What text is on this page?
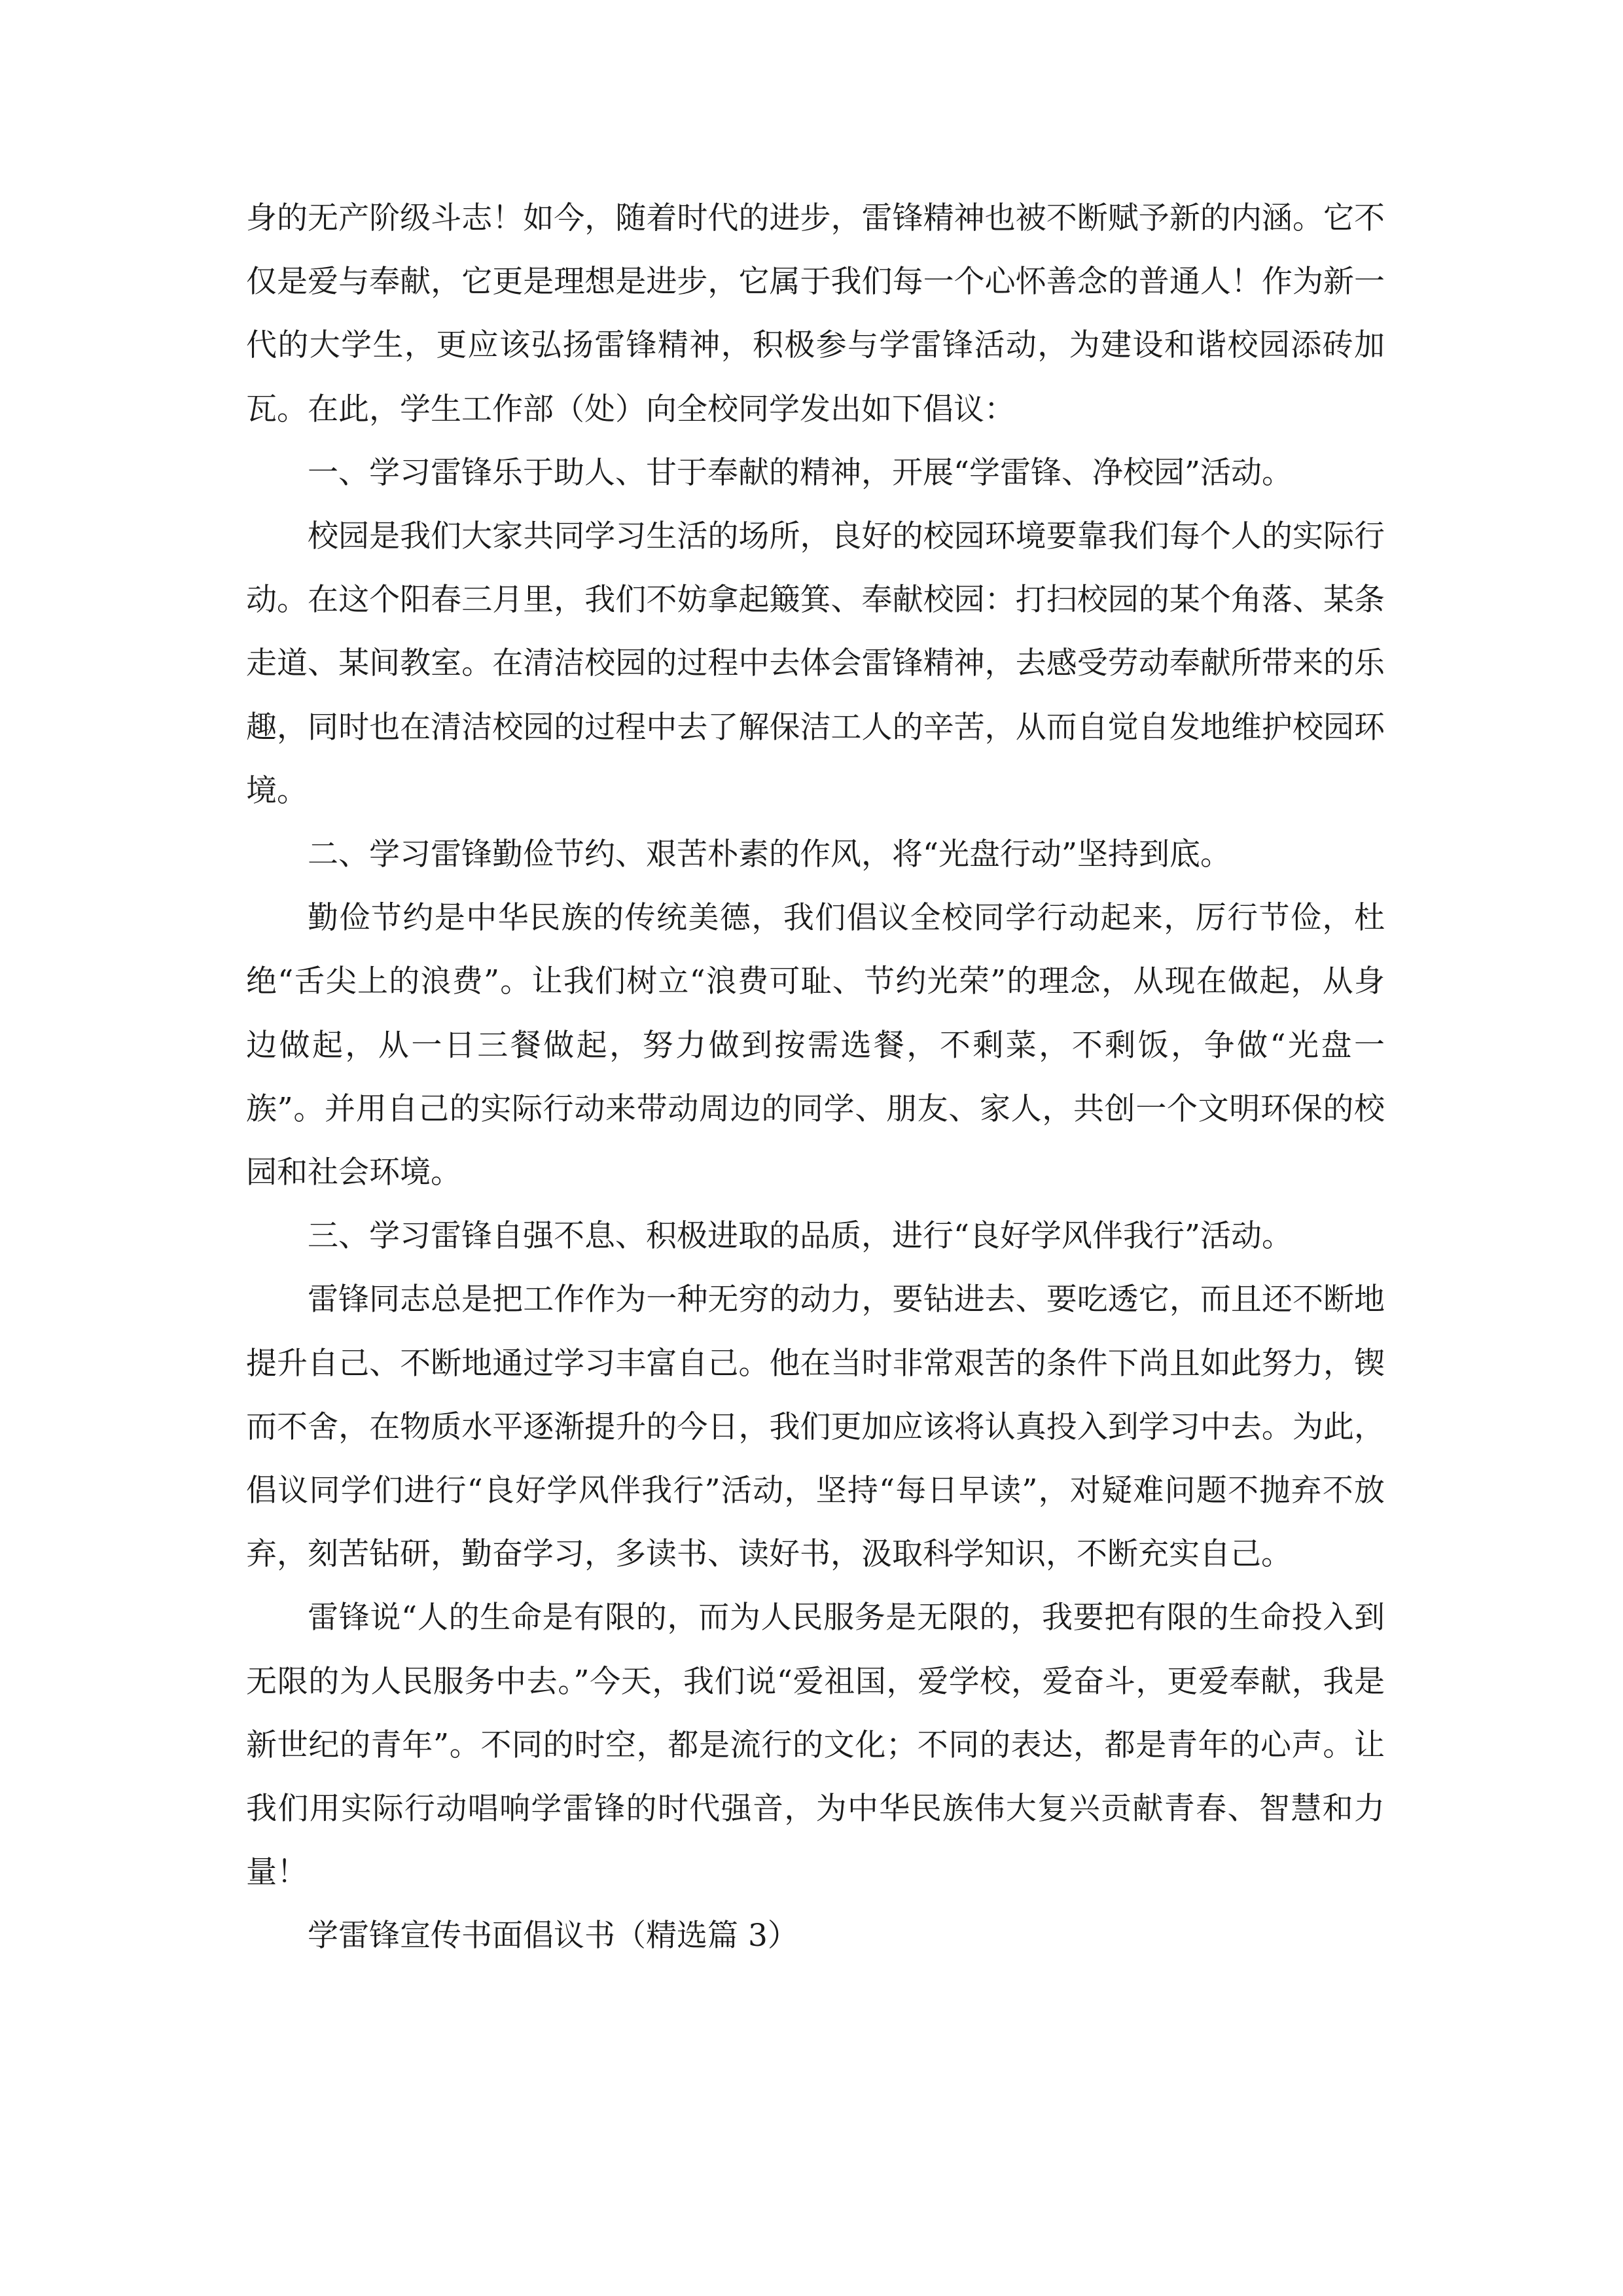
身的无产阶级斗志！如今，随着时代的进步，雷锋精神也被不断赋予新的内涵。它不仅是爱与奉献，它更是理想是进步，它属于我们每一个心怀善念的普通人！作为新一代的大学生，更应该弘扬雷锋精神，积极参与学雷锋活动，为建设和谐校园添砖加瓦。在此，学生工作部（处）向全校同学发出如下倡议：

一、学习雷锋乐于助人、甘于奉献的精神，开展“学雷锋、净校园”活动。

校园是我们大家共同学习生活的场所，良好的校园环境要靠我们每个人的实际行动。在这个阳春三月里，我们不妨拿起簸箕、奉献校园：打扫校园的某个角落、某条走道、某间教室。在清洁校园的过程中去体会雷锋精神，去感受劳动奉献所带来的乐趣，同时也在清洁校园的过程中去了解保洁工人的辛苦，从而自觉自发地维护校园环境。

二、学习雷锋勤俭节约、艰苦朴素的作风，将“光盘行动”坚持到底。

勤俭节约是中华民族的传统美德，我们倡议全校同学行动起来，厉行节俭，杜绝“舌尖上的浪费”。让我们树立“浪费可耻、节约光荣”的理念，从现在做起，从身边做起，从一日三餐做起，努力做到按需选餐，不剩菜，不剩饭，争做“光盘一族”。并用自己的实际行动来带动周边的同学、朋友、家人，共创一个文明环保的校园和社会环境。

三、学习雷锋自强不息、积极进取的品质，进行“良好学风伴我行”活动。

雷锋同志总是把工作作为一种无穷的动力，要钻进去、要吃透它，而且还不断地提升自己、不断地通过学习丰富自己。他在当时非常艰苦的条件下尚且如此努力，锲而不舍，在物质水平逐渐提升的今日，我们更加应该将认真投入到学习中去。为此，倡议同学们进行“良好学风伴我行”活动，坚持“每日早读”，对疑难问题不抛弃不放弃，刻苦钻研，勤奋学习，多读书、读好书，汲取科学知识，不断充实自己。

雷锋说“人的生命是有限的，而为人民服务是无限的，我要把有限的生命投入到无限的为人民服务中去。”今天，我们说“爱祖国，爱学校，爱奋斗，更爱奉献，我是新世纪的青年”。不同的时空，都是流行的文化；不同的表达，都是青年的心声。让我们用实际行动唱响学雷锋的时代强音，为中华民族伟大复兴贡献青春、智慧和力量！

学雷锋宣传书面倡议书（精选篇 3）
